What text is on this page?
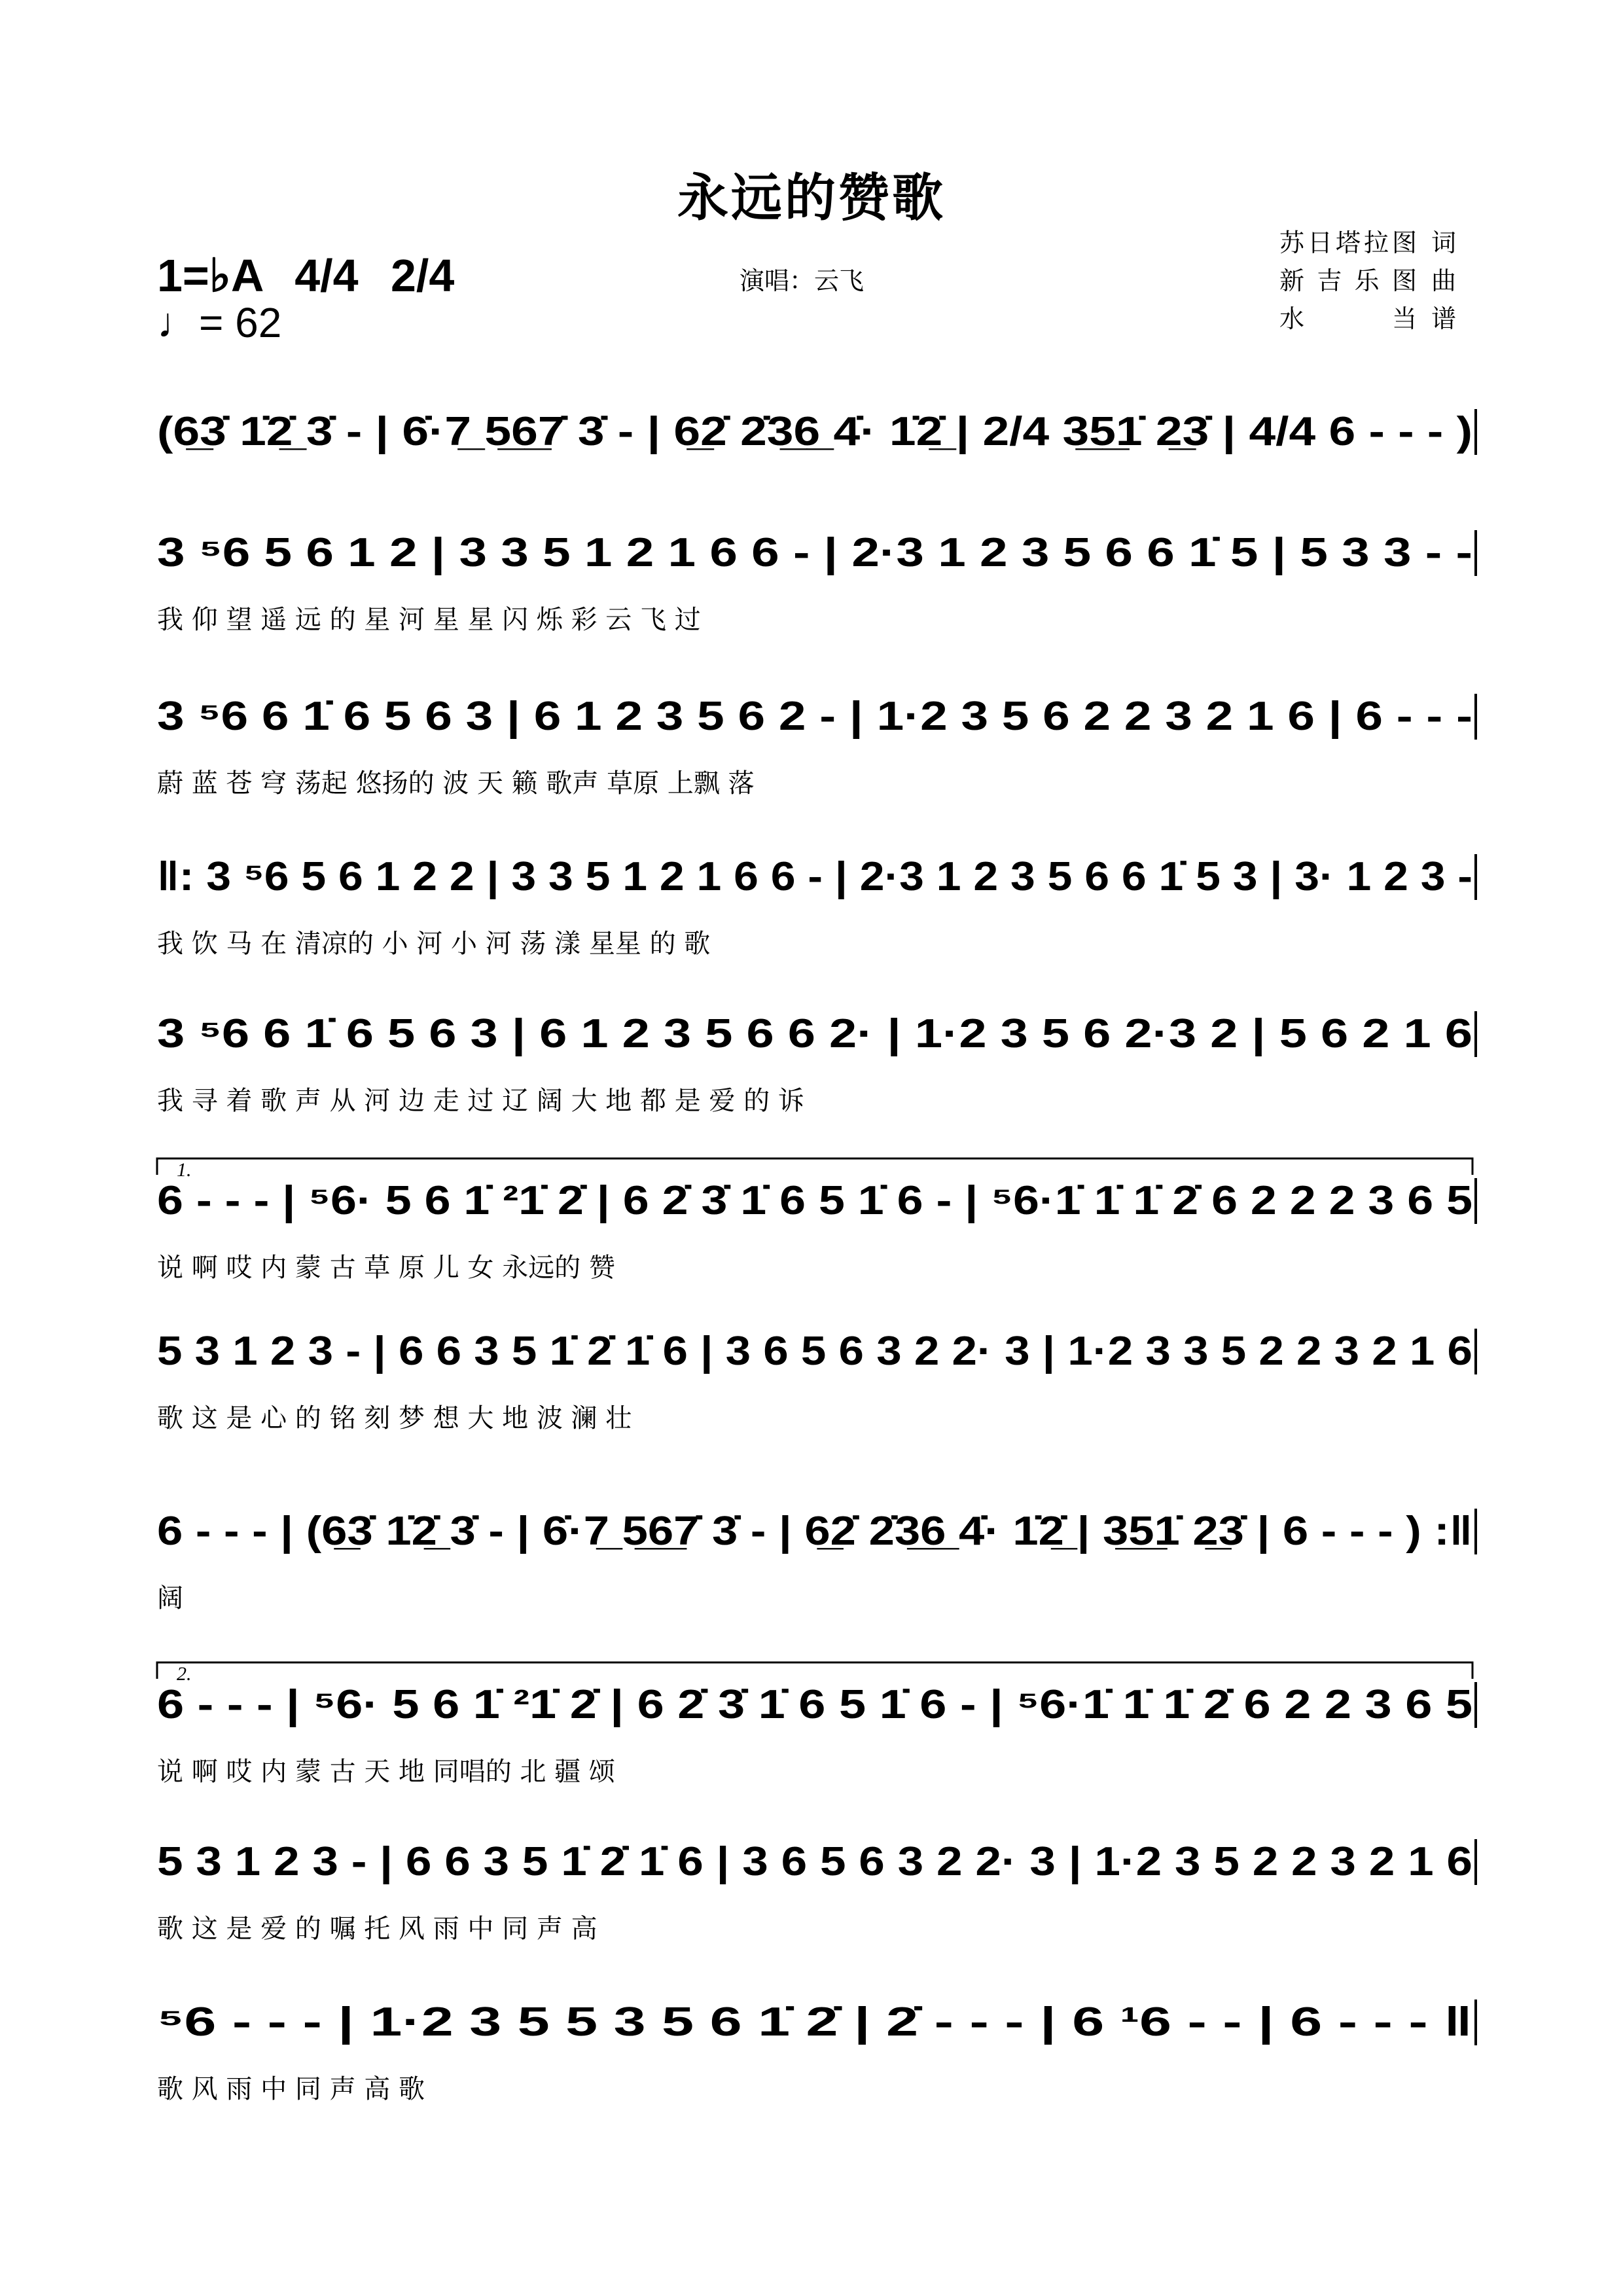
永远的赞歌
1=♭A 4/4 2/4
♩= 62
演唱：云飞
苏日塔拉图 词
新吉乐图 曲
水当 谱
(6̲3̇ 1̇2̲̇ 3̇ - | 6̇·7̲ 5̲6̲7̇ 3̇ - | 6̲2̇ 2̇3̲6̲ 4̇· 1̇2̲̇ | 2/4 3̲5̲1̇ 2̲3̇ | 4/4 6 - - - )
3 ⁵6 5 6 1 2 | 3 3 5 1 2 1 6 6 - | 2·3 1 2 3 5 6 6 1̇ 5 | 5 3 3 - -
我 仰 望 遥 远 的 星 河 星 星 闪 烁 彩 云 飞 过
3 ⁵6 6 1̇ 6 5 6 3 | 6 1 2 3 5 6 2 - | 1·2 3 5 6 2 2 3 2 1 6 | 6 - - -
蔚 蓝 苍 穹 荡起 悠扬的 波 天 籁 歌声 草原 上飘 落
‖: 3 ⁵6 5 6 1 2 2 | 3 3 5 1 2 1 6 6 - | 2·3 1 2 3 5 6 6 1̇ 5 3 | 3· 1 2 3 -
我 饮 马 在 清凉的 小 河 小 河 荡 漾 星星 的 歌
3 ⁵6 6 1̇ 6 5 6 3 | 6 1 2 3 5 6 6 2· | 1·2 3 5 6 2·3 2 | 5 6 2 1 6
我 寻 着 歌 声 从 河 边 走 过 辽 阔 大 地 都 是 爱 的 诉
1.
6 - - - | ⁵6· 5 6 1̇ ²1̇ 2̇ | 6 2̇ 3̇ 1̇ 6 5 1̇ 6 - | ⁵6·1̇ 1̇ 1̇ 2̇ 6 2 2 2 3 6 5
说 啊 哎 内 蒙 古 草 原 儿 女 永远的 赞
5 3 1 2 3 - | 6 6 3 5 1̇ 2̇ 1̇ 6 | 3 6 5 6 3 2 2· 3 | 1·2 3 3 5 2 2 3 2 1 6
歌 这 是 心 的 铭 刻 梦 想 大 地 波 澜 壮
6 - - - | (6̲3̇ 1̇2̲̇ 3̇ - | 6̇·7̲ 5̲6̲7̇ 3̇ - | 6̲2̇ 2̇3̲6̲ 4̇· 1̇2̲̇ | 3̲5̲1̇ 2̲3̇ | 6 - - - ) :‖
阔
2.
6 - - - | ⁵6· 5 6 1̇ ²1̇ 2̇ | 6 2̇ 3̇ 1̇ 6 5 1̇ 6 - | ⁵6·1̇ 1̇ 1̇ 2̇ 6 2 2 3 6 5
说 啊 哎 内 蒙 古 天 地 同唱的 北 疆 颂
5 3 1 2 3 - | 6 6 3 5 1̇ 2̇ 1̇ 6 | 3 6 5 6 3 2 2· 3 | 1·2 3 5 2 2 3 2 1 6
歌 这 是 爱 的 嘱 托 风 雨 中 同 声 高
⁵6 - - - | 1·2 3 5 5 3 5 6 1̇ 2̇ | 2̇ - - - | 6 ¹6 - - | 6 - - - ‖
歌 风 雨 中 同 声 高 歌
